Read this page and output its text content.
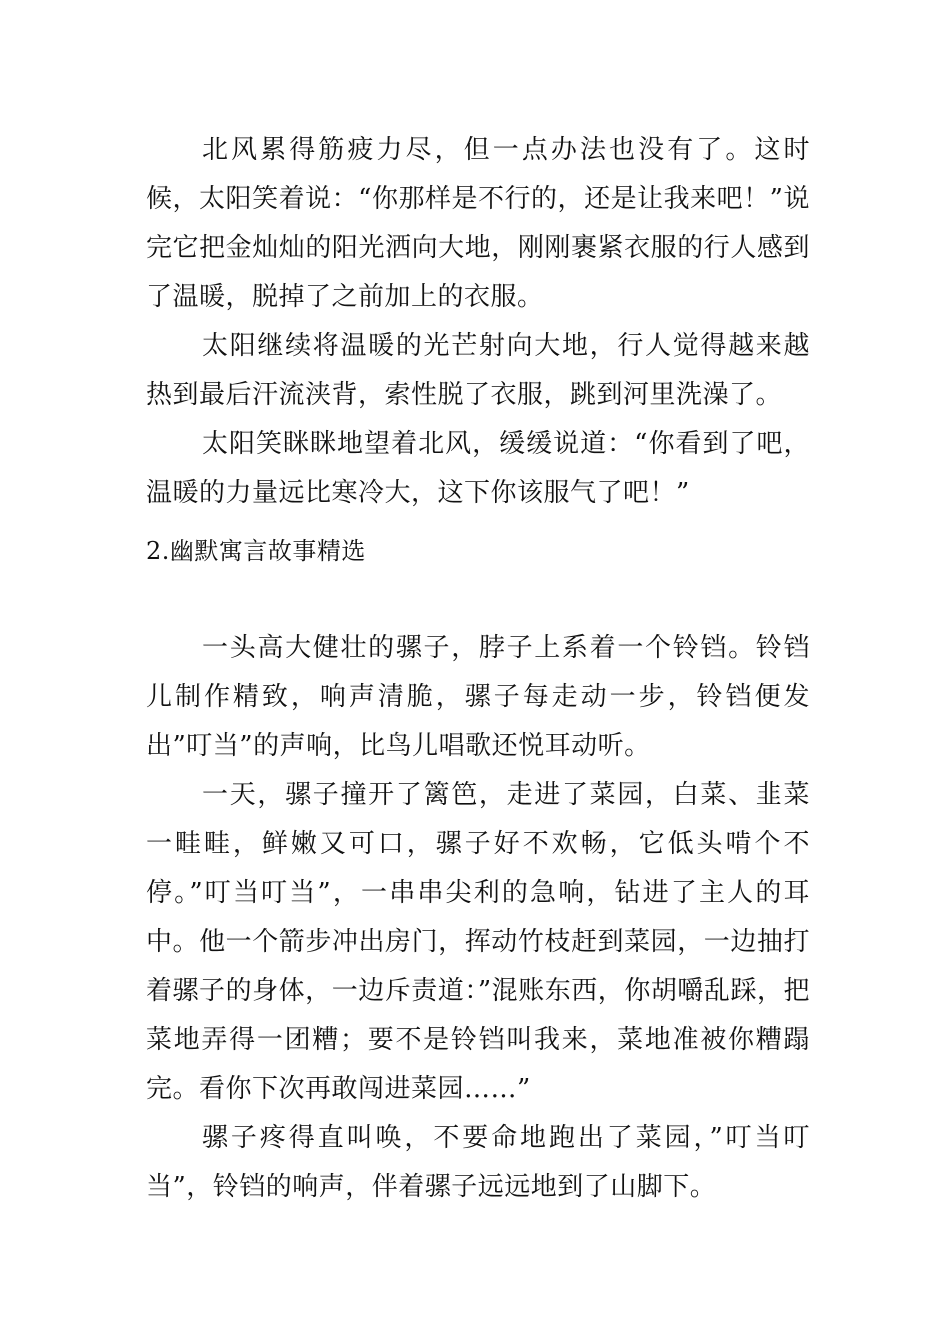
北风累得筋疲力尽，但一点办法也没有了。这时候，太阳笑着说：“你那样是不行的，还是让我来吧！”说完它把金灿灿的阳光洒向大地，刚刚裹紧衣服的行人感到了温暖，脱掉了之前加上的衣服。

太阳继续将温暖的光芒射向大地，行人觉得越来越热到最后汗流浃背，索性脱了衣服，跳到河里洗澡了。

太阳笑眯眯地望着北风，缓缓说道：“你看到了吧，温暖的力量远比寒冷大，这下你该服气了吧！”

2.幽默寓言故事精选

一头高大健壮的骡子，脖子上系着一个铃铛。铃铛儿制作精致，响声清脆，骡子每走动一步，铃铛便发出”叮当”的声响，比鸟儿唱歌还悦耳动听。

一天，骡子撞开了篱笆，走进了菜园，白菜、韭菜一畦畦，鲜嫩又可口，骡子好不欢畅，它低头啃个不停。”叮当叮当”，一串串尖利的急响，钻进了主人的耳中。他一个箭步冲出房门，挥动竹枝赶到菜园，一边抽打着骡子的身体，一边斥责道：”混账东西，你胡嚼乱踩，把菜地弄得一团糟；要不是铃铛叫我来，菜地准被你糟蹋完。看你下次再敢闯进菜园……”

骡子疼得直叫唤，不要命地跑出了菜园，”叮当叮当”，铃铛的响声，伴着骡子远远地到了山脚下。
